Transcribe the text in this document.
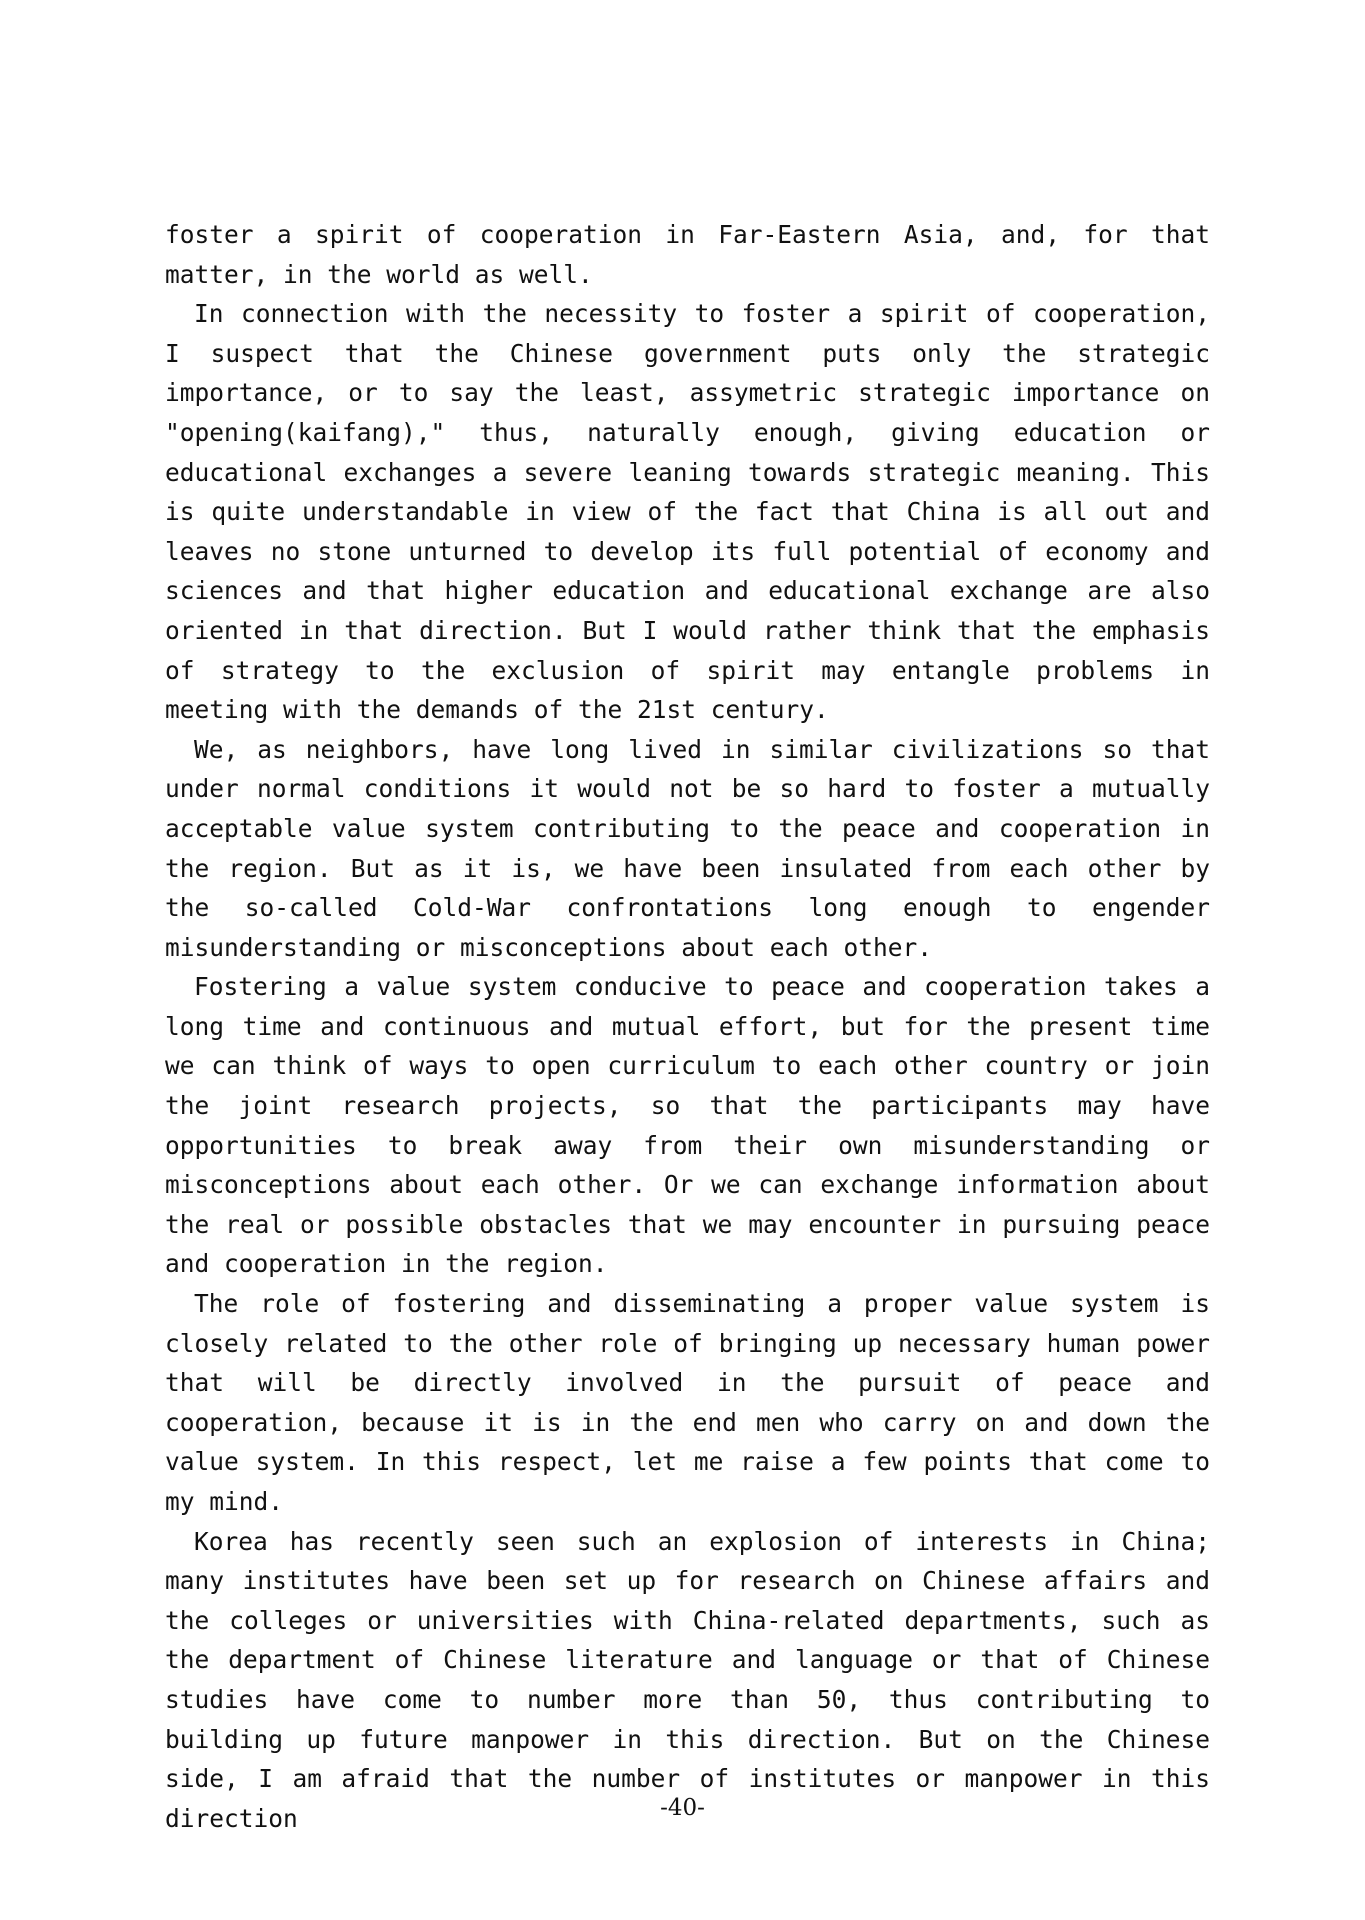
foster a spirit of cooperation in Far-Eastern Asia, and, for that matter, in the world as well.

In connection with the necessity to foster a spirit of cooperation, I suspect that the Chinese government puts only the strategic importance, or to say the least, assymetric strategic importance on "opening(kaifang)," thus, naturally enough, giving education or educational exchanges a severe leaning towards strategic meaning. This is quite understandable in view of the fact that China is all out and leaves no stone unturned to develop its full potential of economy and sciences and that higher education and educational exchange are also oriented in that direction. But I would rather think that the emphasis of strategy to the exclusion of spirit may entangle problems in meeting with the demands of the 21st century.

We, as neighbors, have long lived in similar civilizations so that under normal conditions it would not be so hard to foster a mutually acceptable value system contributing to the peace and cooperation in the region. But as it is, we have been insulated from each other by the so-called Cold-War confrontations long enough to engender misunderstanding or misconceptions about each other.

Fostering a value system conducive to peace and cooperation takes a long time and continuous and mutual effort, but for the present time we can think of ways to open curriculum to each other country or join the joint research projects, so that the participants may have opportunities to break away from their own misunderstanding or misconceptions about each other. Or we can exchange information about the real or possible obstacles that we may encounter in pursuing peace and cooperation in the region.

The role of fostering and disseminating a proper value system is closely related to the other role of bringing up necessary human power that will be directly involved in the pursuit of peace and cooperation, because it is in the end men who carry on and down the value system. In this respect, let me raise a few points that come to my mind.

Korea has recently seen such an explosion of interests in China; many institutes have been set up for research on Chinese affairs and the colleges or universities with China-related departments, such as the department of Chinese literature and language or that of Chinese studies have come to number more than 50, thus contributing to building up future manpower in this direction. But on the Chinese side, I am afraid that the number of institutes or manpower in this direction	-40-
